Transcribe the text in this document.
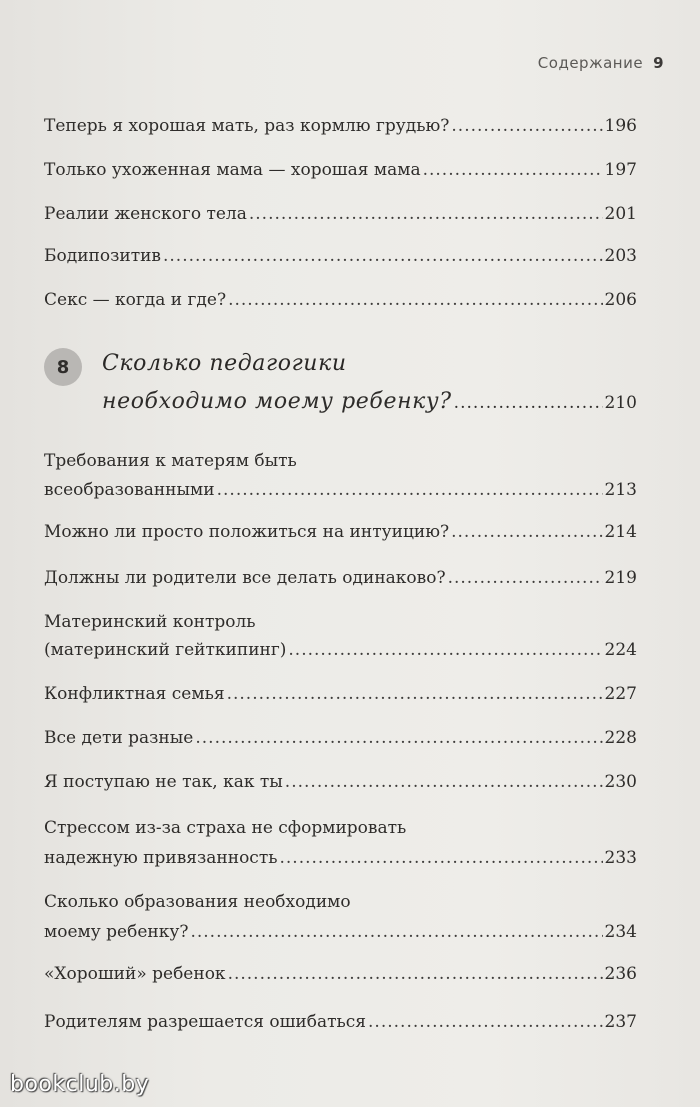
Содержание 9
Теперь я хорошая мать, раз кормлю грудью? .....	196
Только ухоженная мама — хорошая мама .....	197
Реалии женского тела .....	201
Бодипозитив .....	203
Секс — когда и где? .....	206
8	Сколько педагогики
необходимо моему ребенку? .....	210
Требования к матерям быть
всеобразованными .....	213
Можно ли просто положиться на интуицию? .....	214
Должны ли родители все делать одинаково? .....	219
Материнский контроль
(материнский гейткипинг) .....	224
Конфликтная семья .....	227
Все дети разные .....	228
Я поступаю не так, как ты .....	230
Стрессом из-за страха не сформировать
надежную привязанность .....	233
Сколько образования необходимо
моему ребенку? .....	234
«Хороший» ребенок .....	236
Родителям разрешается ошибаться .....	237
bookclub.by
